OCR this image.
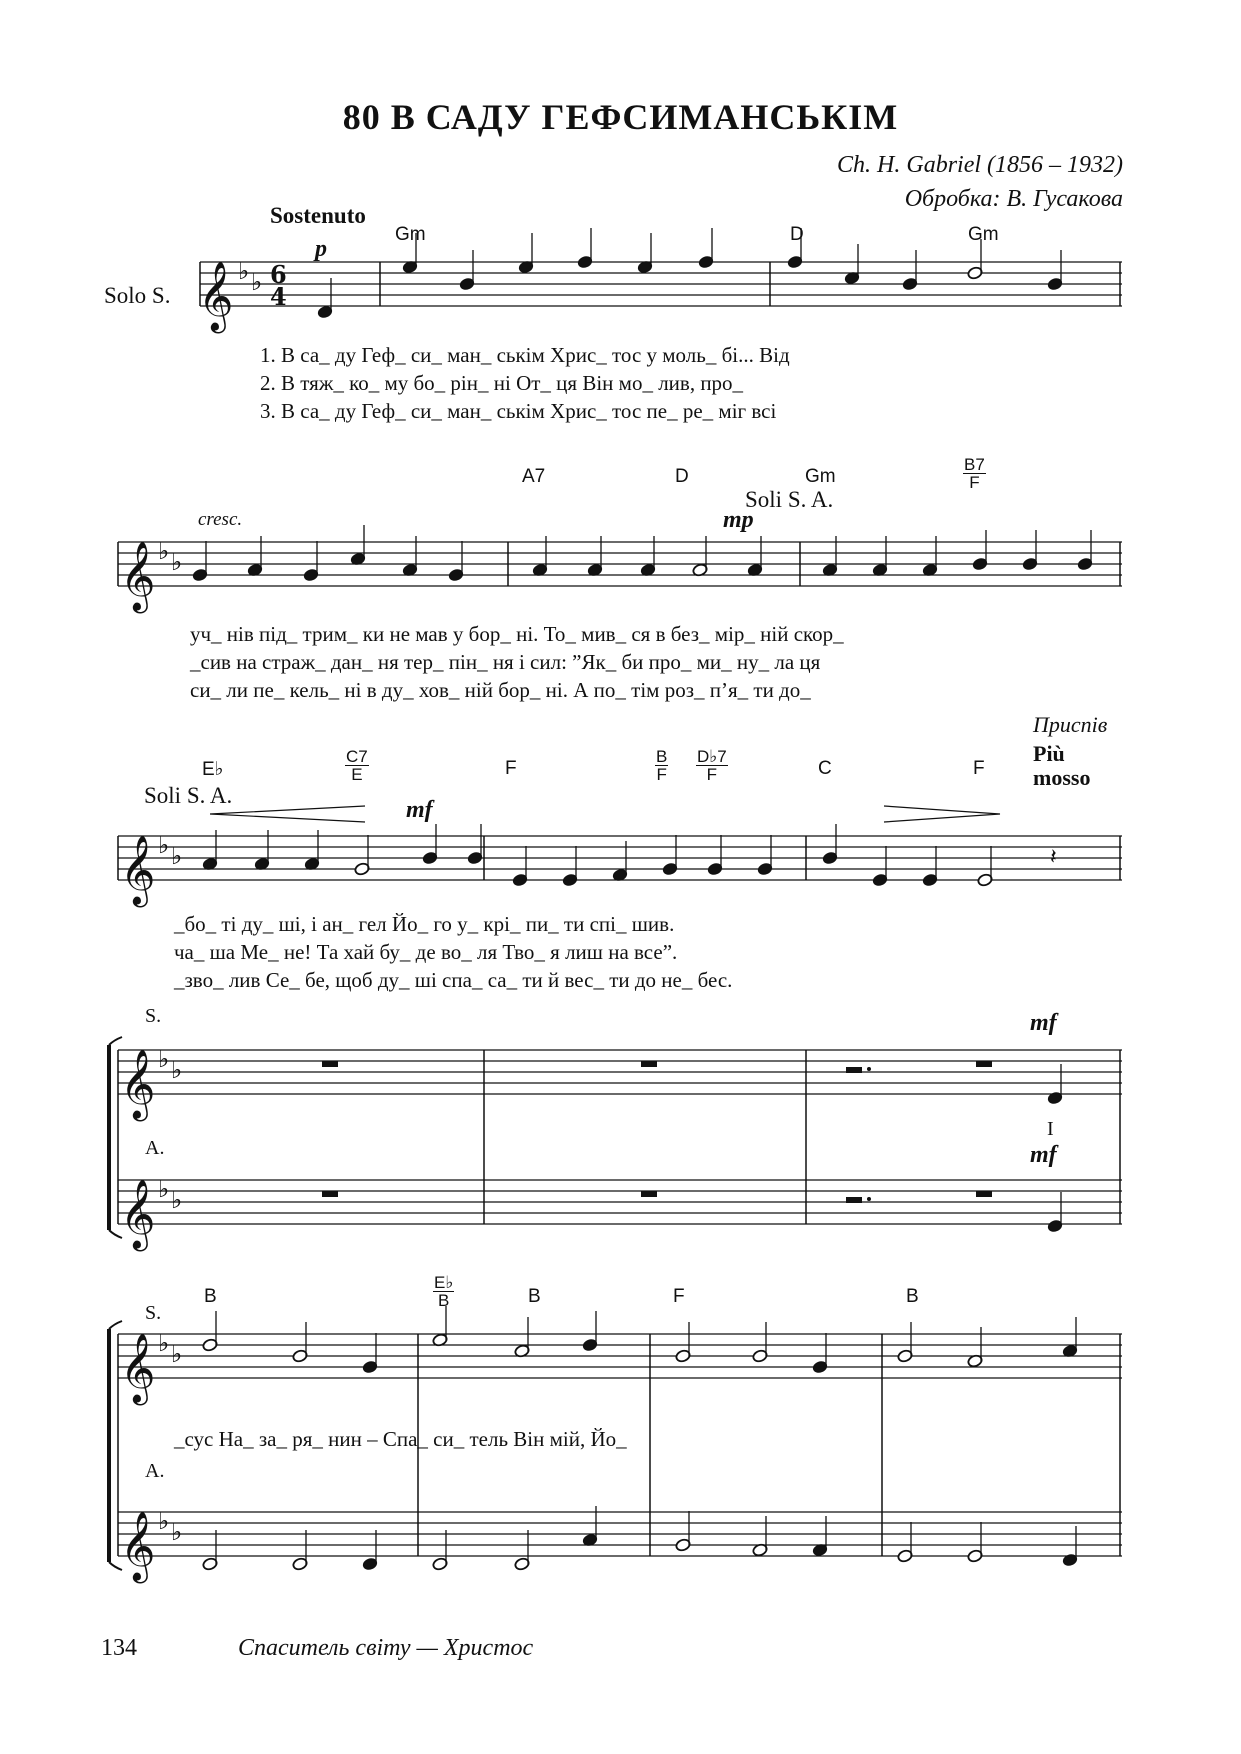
80 В САДУ ГЕФСИМАНСЬКІМ
Ch. H. Gabriel (1856 – 1932)
Обробка: В. Гусакова
Sostenuto
Solo S.
Gm	D	Gm
p
1. В са_ ду Геф_ си_ ман_ ськім Хрис_ тос у моль_ бі... Від
2. В тяж_ ко_ му бо_ рін_ ні От_ ця Він мо_ лив, про_
3. В са_ ду Геф_ си_ ман_ ськім Хрис_ тос пе_ ре_ міг всі
A7	D	Gm	$\frac{B7}{F}$
Soli S. A.
mp
cresc.
уч_ нів під_ трим_ ки не мав у бор_ ні. То_ мив_ ся в без_ мір_ ній скор_
_сив на страж_ дан_ ня тер_ пін_ ня і сил: ”Як_ би про_ ми_ ну_ ла ця
си_ ли пе_ кель_ ні в ду_ хов_ ній бор_ ні. А по_ тім роз_ п’я_ ти до_
Приспів
Più
mosso
E♭	$\frac{C7}{E}$	F	$\frac{B}{F} \frac{D♭7}{F}$	C	F
Soli S. A.
mf
_бо_ ті ду_ ші, і ан_ гел Йо_ го у_ крі_ пи_ ти спі_ шив.
ча_ ша Ме_ не! Та хай бу_ де во_ ля Тво_ я лиш на все”.
_зво_ лив Се_ бе, щоб ду_ ші спа_ са_ ти й вес_ ти до не_ бес.
S.
A.
mf
I
mf
B	$\frac{E♭}{B}$	B	F	B
S.
A.
_сус На_ за_ ря_ нин – Спа_ си_ тель Він мій, Йо_
134	Спаситель світу — Христос
𝄞
𝄞
𝄞
𝄞
𝄞
𝄞
𝄞
♭ ♭
♭ ♭
♭ ♭
♭ ♭
♭ ♭
♭ ♭
♭ ♭
6
4
𝄽
